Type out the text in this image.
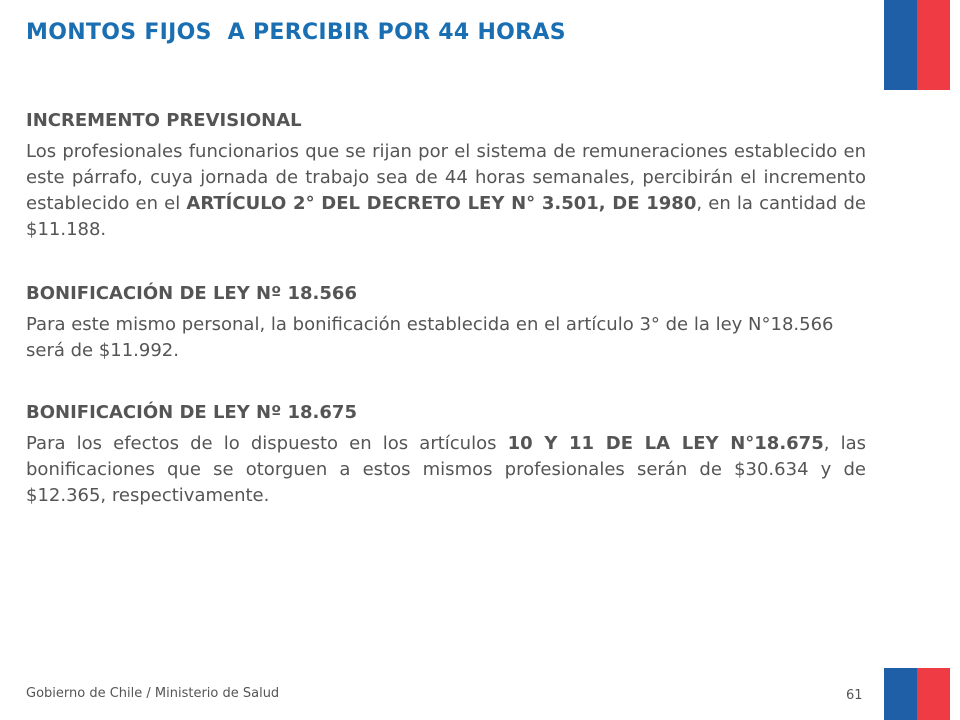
MONTOS FIJOS  A PERCIBIR POR 44 HORAS
INCREMENTO PREVISIONAL

Los profesionales funcionarios que se rijan por el sistema de remuneraciones establecido en este párrafo, cuya jornada de trabajo sea de 44 horas semanales, percibirán el incremento establecido en el ARTÍCULO 2° DEL DECRETO LEY N° 3.501, DE 1980, en la cantidad de $11.188.

BONIFICACIÓN DE LEY Nº 18.566

Para este mismo personal, la bonificación establecida en el artículo 3° de la ley N°18.566 será de $11.992.

BONIFICACIÓN DE LEY Nº 18.675

Para los efectos de lo dispuesto en los artículos 10 Y 11 DE LA LEY N°18.675, las bonificaciones que se otorguen a estos mismos profesionales serán de $30.634 y de $12.365, respectivamente.

Gobierno de Chile / Ministerio de Salud	61
